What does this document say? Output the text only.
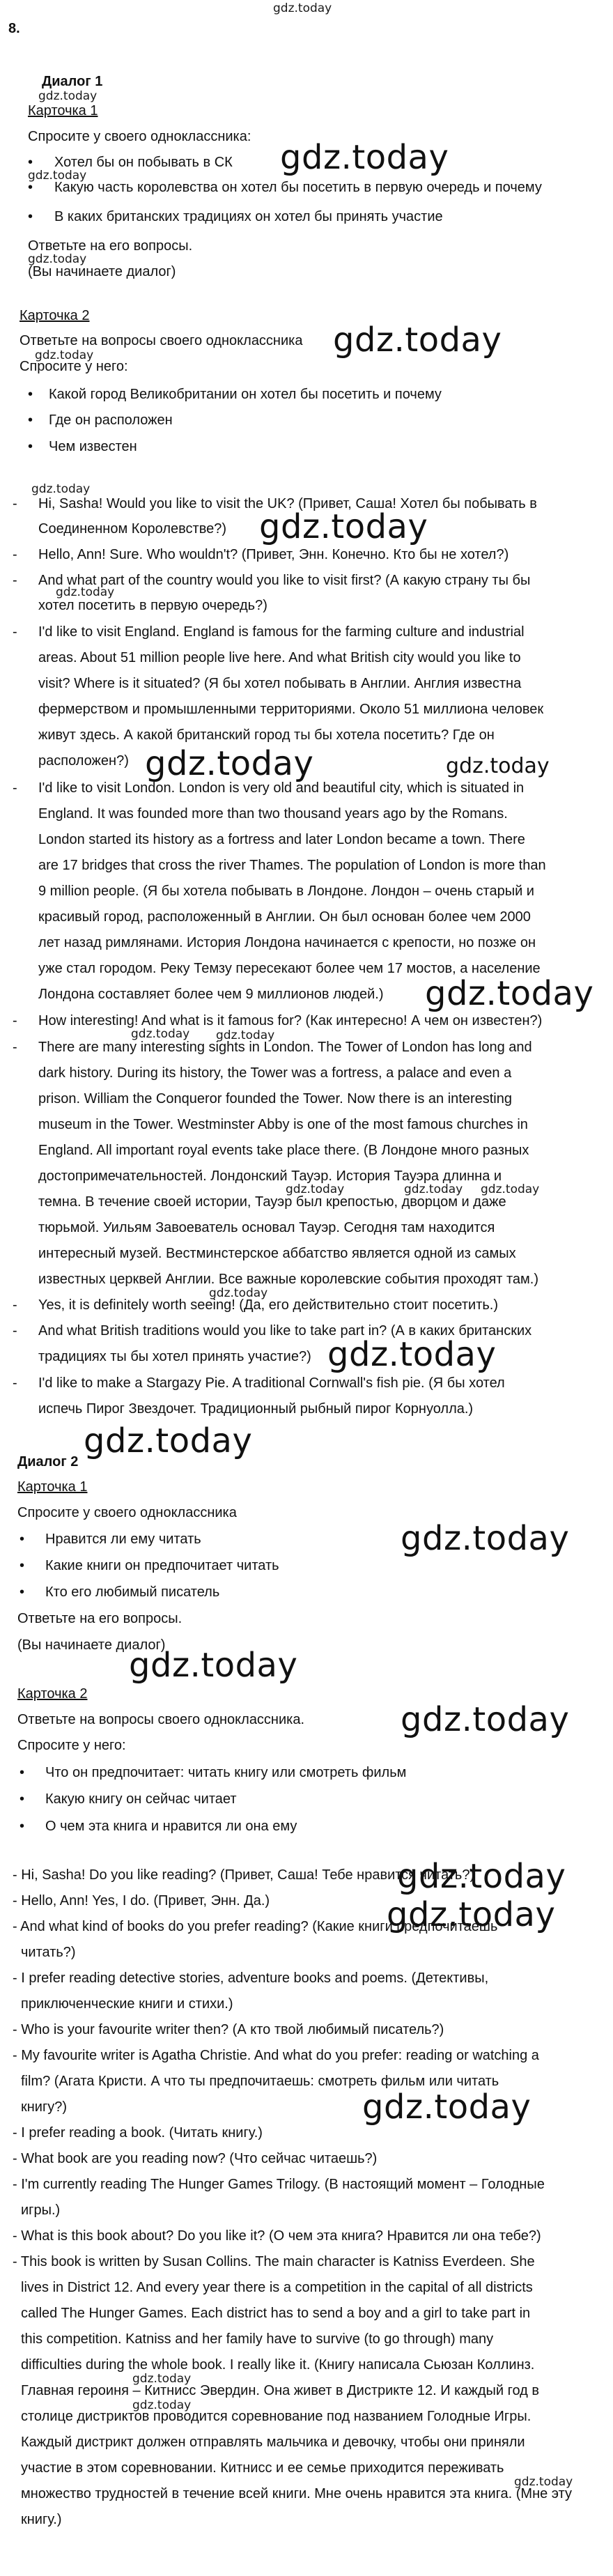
gdz.today
8.
Диалог 1
gdz.today
Карточка 1
Спросите у своего одноклассника:
• Хотел бы он побывать в СК gdz.today
gdz.today
• Какую часть королевства он хотел бы посетить в первую очередь и почему
• В каких британских традициях он хотел бы принять участие
Ответьте на его вопросы.
gdz.today
(Вы начинаете диалог)
Карточка 2
Ответьте на вопросы своего одноклассника gdz.today
gdz.today
Спросите у него:
• Какой город Великобритании он хотел бы посетить и почему
• Где он расположен
• Чем известен
gdz.today
- Hi, Sasha! Would you like to visit the UK? (Привет, Саша! Хотел бы побывать в
Соединенном Королевстве?) gdz.today
- Hello, Ann! Sure. Who wouldn't? (Привет, Энн. Конечно. Кто бы не хотел?)
- And what part of the country would you like to visit first? (А какую страну ты бы
gdz.today
хотел посетить в первую очередь?)
- I'd like to visit England. England is famous for the farming culture and industrial
areas. About 51 million people live here. And what British city would you like to
visit? Where is it situated? (Я бы хотел побывать в Англии. Англия известна
фермерством и промышленными территориями. Около 51 миллиона человек
живут здесь. А какой британский город ты бы хотела посетить? Где он
расположен?) gdz.today	gdz.today
- I'd like to visit London. London is very old and beautiful city, which is situated in
England. It was founded more than two thousand years ago by the Romans.
London started its history as a fortress and later London became a town. There
are 17 bridges that cross the river Thames. The population of London is more than
9 million people. (Я бы хотела побывать в Лондоне. Лондон – очень старый и
красивый город, расположенный в Англии. Он был основан более чем 2000
лет назад римлянами. История Лондона начинается с крепости, но позже он
уже стал городом. Реку Темзу пересекают более чем 17 мостов, а население
Лондона составляет более чем 9 миллионов людей.) gdz.today
- How interesting! And what is it famous for? (Как интересно! А чем он известен?)
gdz.today gdz.today
- There are many interesting sights in London. The Tower of London has long and
dark history. During its history, the Tower was a fortress, a palace and even a
prison. William the Conqueror founded the Tower. Now there is an interesting
museum in the Tower. Westminster Abby is one of the most famous churches in
England. All important royal events take place there. (В Лондоне много разных
достопримечательностей. Лондонский Тауэр. История Тауэра длинна и
gdz.today	gdz.today gdz.today
темна. В течение своей истории, Тауэр был крепостью, дворцом и даже
тюрьмой. Уильям Завоеватель основал Тауэр. Сегодня там находится
интересный музей. Вестминстерское аббатство является одной из самых
известных церквей Англии. Все важные королевские события проходят там.)
gdz.today
- Yes, it is definitely worth seeing! (Да, его действительно стоит посетить.)
- And what British traditions would you like to take part in? (А в каких британских
традициях ты бы хотел принять участие?) gdz.today
- I'd like to make a Stargazy Pie. A traditional Cornwall's fish pie. (Я бы хотел
испечь Пирог Звездочет. Традиционный рыбный пирог Корнуолла.)
gdz.today
Диалог 2
Карточка 1
Спросите у своего одноклассника
• Нравится ли ему читать	gdz.today
• Какие книги он предпочитает читать
• Кто его любимый писатель
Ответьте на его вопросы.
(Вы начинаете диалог)
gdz.today
Карточка 2
Ответьте на вопросы своего одноклассника.	gdz.today
Спросите у него:
• Что он предпочитает: читать книгу или смотреть фильм
• Какую книгу он сейчас читает
• О чем эта книга и нравится ли она ему
- Hi, Sasha! Do you like reading? (Привет, Саша! Тебе нравится читать?)
gdz.today
- Hello, Ann! Yes, I do. (Привет, Энн. Да.)	gdz.today
- And what kind of books do you prefer reading? (Какие книги предпочитаешь
читать?)
- I prefer reading detective stories, adventure books and poems. (Детективы,
приключенческие книги и стихи.)
- Who is your favourite writer then? (А кто твой любимый писатель?)
- My favourite writer is Agatha Christie. And what do you prefer: reading or watching a
film? (Агата Кристи. А что ты предпочитаешь: смотреть фильм или читать
книгу?)	gdz.today
- I prefer reading a book. (Читать книгу.)
- What book are you reading now? (Что сейчас читаешь?)
- I'm currently reading The Hunger Games Trilogy. (В настоящий момент – Голодные
игры.)
- What is this book about? Do you like it? (О чем эта книга? Нравится ли она тебе?)
- This book is written by Susan Collins. The main character is Katniss Everdeen. She
lives in District 12. And every year there is a competition in the capital of all districts
called The Hunger Games. Each district has to send a boy and a girl to take part in
this competition. Katniss and her family have to survive (to go through) many
difficulties during the whole book. I really like it. (Книгу написала Сьюзан Коллинз.
gdz.today
Главная героиня – Китнисс Эвердин. Она живет в Дистрикте 12. И каждый год в
gdz.today
столице дистриктов проводится соревнование под названием Голодные Игры.
Каждый дистрикт должен отправлять мальчика и девочку, чтобы они приняли
участие в этом соревновании. Китнисс и ее семье приходится переживать
gdz.today
множество трудностей в течение всей книги. Мне очень нравится эта книга. (Мне эту
книгу.)
